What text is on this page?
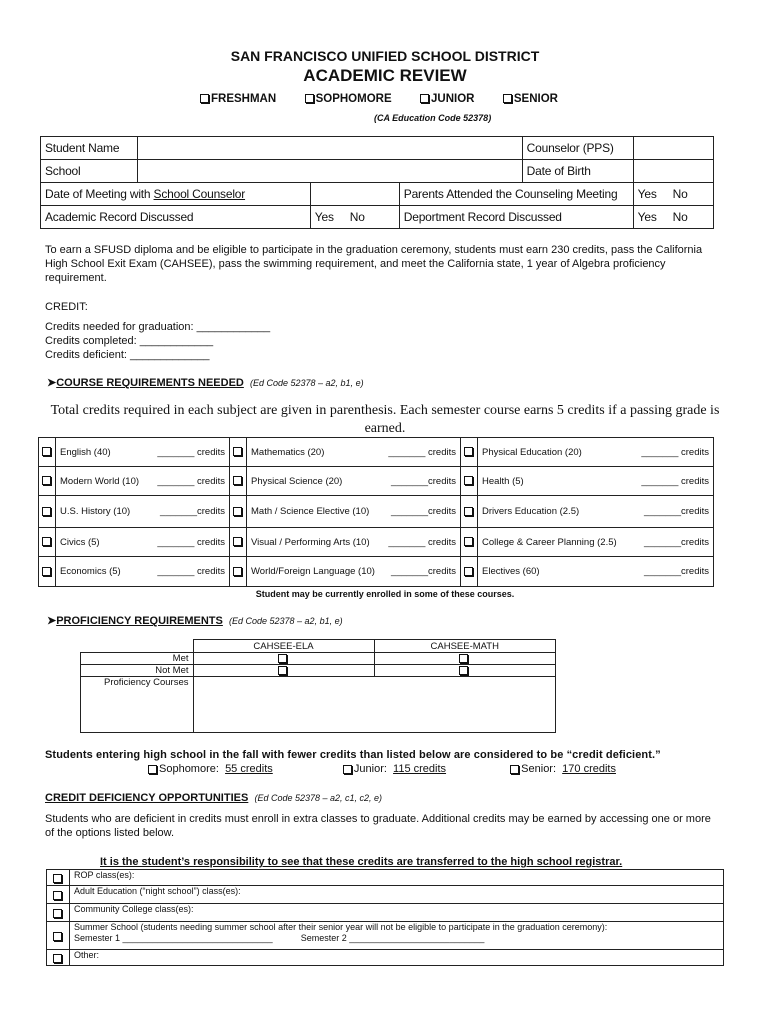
SAN FRANCISCO UNIFIED SCHOOL DISTRICT
ACADEMIC REVIEW
FRESHMAN	SOPHOMORE	JUNIOR	SENIOR
(CA Education Code 52378)
Student Name				Counselor (PPS)	
School				Date of Birth	
Date of Meeting with School Counselor			Parents Attended the Counseling Meeting		Yes No
Academic Record Discussed		Yes No	Deportment Record Discussed		Yes No
To earn a SFUSD diploma and be eligible to participate in the graduation ceremony, students must earn 230 credits, pass the California High School Exit Exam (CAHSEE), pass the swimming requirement, and meet the California state, 1 year of Algebra proficiency requirement.
CREDIT:
Credits needed for graduation: ____________
Credits completed: ____________
Credits deficient: _____________
➤COURSE REQUIREMENTS NEEDED (Ed Code 52378 – a2, b1, e)
Total credits required in each subject are given in parenthesis. Each semester course earns 5 credits if a passing grade is earned.
	English (40) _______ credits		Mathematics (20) _______ credits		Physical Education (20) _______ credits

	Modern World (10) _______ credits		Physical Science (20) _______credits		Health (5) _______ credits

	U.S. History (10) _______credits		Math / Science Elective (10) _______credits		Drivers Education (2.5) _______credits

	Civics (5) _______ credits		Visual / Performing Arts (10) _______ credits		College & Career Planning (2.5) _______credits

	Economics (5) _______ credits		World/Foreign Language (10) _______credits		Electives (60) _______credits
Student may be currently enrolled in some of these courses.
➤PROFICIENCY REQUIREMENTS (Ed Code 52378 – a2, b1, e)
	CAHSEE-ELA	CAHSEE-MATH
Met		
Not Met		
Proficiency Courses		
Students entering high school in the fall with fewer credits than listed below are considered to be “credit deficient.”
Sophomore: 55 credits	Junior: 115 credits	Senior: 170 credits
CREDIT DEFICIENCY OPPORTUNITIES (Ed Code 52378 – a2, c1, c2, e)
Students who are deficient in credits must enroll in extra classes to graduate. Additional credits may be earned by accessing one or more of the options listed below.
It is the student’s responsibility to see that these credits are transferred to the high school registrar.
	ROP class(es):
	Adult Education (“night school”) class(es):
	Community College class(es):

	Summer School (students needing summer school after their senior year will not be eligible to participate in the graduation ceremony):
Semester 1 ______________________________ Semester 2 ___________________________

	Other:
